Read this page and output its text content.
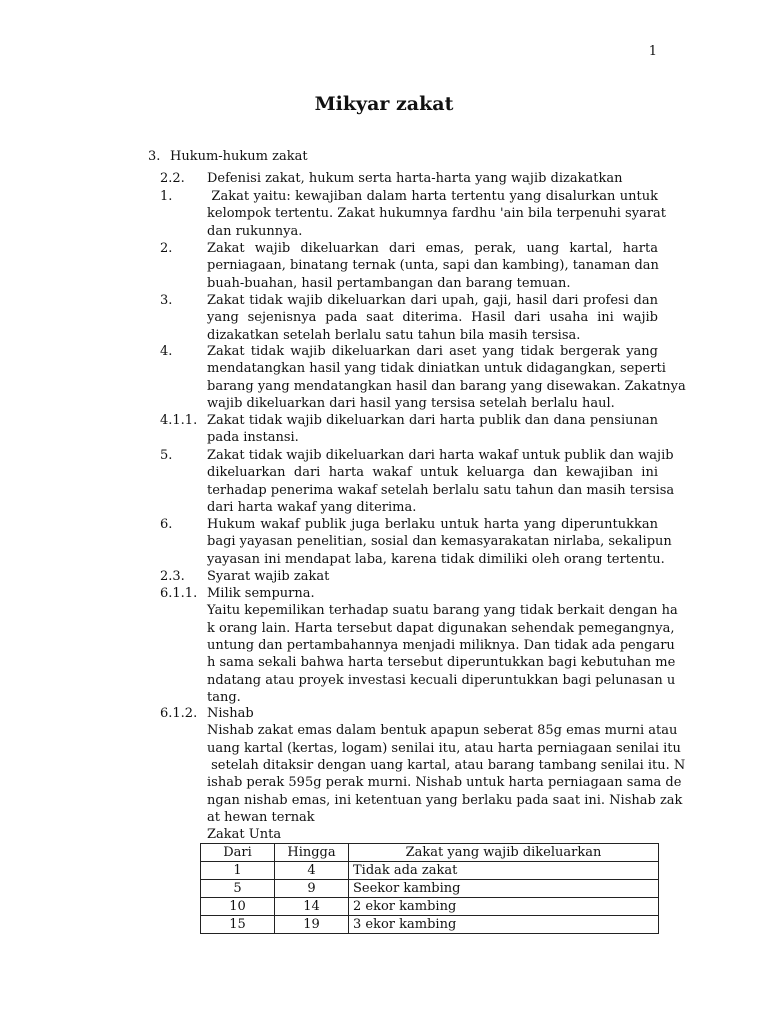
1
Mikyar zakat
3. Hukum-hukum zakat
2.2. Defenisi zakat, hukum serta harta-harta yang wajib dizakatkan
1.	Zakat yaitu: kewajiban dalam harta tertentu yang disalurkan untuk
kelompok tertentu. Zakat hukumnya fardhu 'ain bila terpenuhi syarat
dan rukunnya.
2.	Zakat wajib dikeluarkan dari emas, perak, uang kartal, harta
perniagaan, binatang ternak (unta, sapi dan kambing), tanaman dan
buah-buahan, hasil pertambangan dan barang temuan.
3.	Zakat tidak wajib dikeluarkan dari upah, gaji, hasil dari profesi dan
yang sejenisnya pada saat diterima. Hasil dari usaha ini wajib
dizakatkan setelah berlalu satu tahun bila masih tersisa.
4.	Zakat tidak wajib dikeluarkan dari aset yang tidak bergerak yang
mendatangkan hasil yang tidak diniatkan untuk didagangkan, seperti
barang yang mendatangkan hasil dan barang yang disewakan. Zakatnya
wajib dikeluarkan dari hasil yang tersisa setelah berlalu haul.
4.1.1. Zakat tidak wajib dikeluarkan dari harta publik dan dana pensiunan
pada instansi.
5.	Zakat tidak wajib dikeluarkan dari harta wakaf untuk publik dan wajib
dikeluarkan dari harta wakaf untuk keluarga dan kewajiban ini
terhadap penerima wakaf setelah berlalu satu tahun dan masih tersisa
dari harta wakaf yang diterima.
6.	Hukum wakaf publik juga berlaku untuk harta yang diperuntukkan
bagi yayasan penelitian, sosial dan kemasyarakatan nirlaba, sekalipun
yayasan ini mendapat laba, karena tidak dimiliki oleh orang tertentu.
2.3. Syarat wajib zakat
6.1.1. Milik sempurna.
Yaitu kepemilikan terhadap suatu barang yang tidak berkait dengan ha
k orang lain. Harta tersebut dapat digunakan sehendak pemegangnya,
untung dan pertambahannya menjadi miliknya. Dan tidak ada pengaru
h sama sekali bahwa harta tersebut diperuntukkan bagi kebutuhan me
ndatang atau proyek investasi kecuali diperuntukkan bagi pelunasan u
tang.
6.1.2. Nishab
Nishab zakat emas dalam bentuk apapun seberat 85g emas murni atau
uang kartal (kertas, logam) senilai itu, atau harta perniagaan senilai itu
setelah ditaksir dengan uang kartal, atau barang tambang senilai itu. N
ishab perak 595g perak murni. Nishab untuk harta perniagaan sama de
ngan nishab emas, ini ketentuan yang berlaku pada saat ini. Nishab zak
at hewan ternak
Zakat Unta
Dari	Hingga	Zakat yang wajib dikeluarkan
1	4	Tidak ada zakat
5	9	Seekor kambing
10	14	2 ekor kambing
15	19	3 ekor kambing
